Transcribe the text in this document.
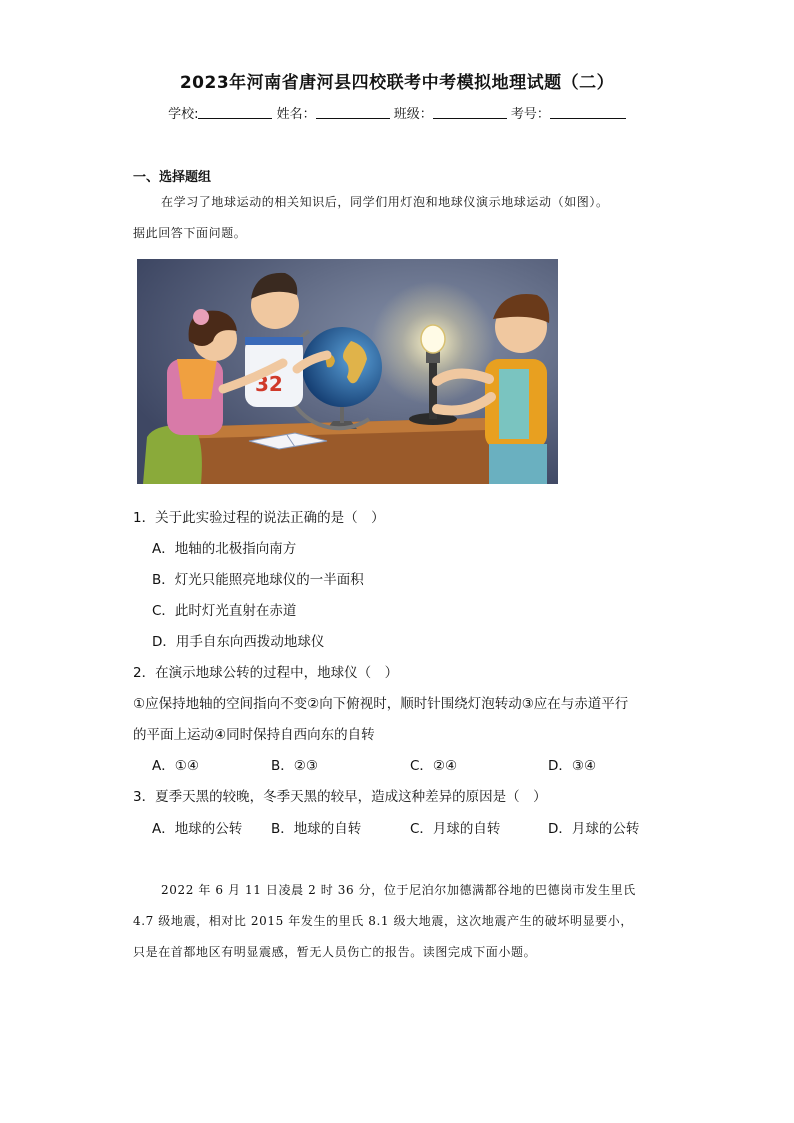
2023年河南省唐河县四校联考中考模拟地理试题（二）
学校:	姓名：	班级：	考号：
一、选择题组
在学习了地球运动的相关知识后，同学们用灯泡和地球仪演示地球运动（如图）。
据此回答下面问题。
32
1．关于此实验过程的说法正确的是（　）
A．地轴的北极指向南方
B．灯光只能照亮地球仪的一半面积
C．此时灯光直射在赤道
D．用手自东向西拨动地球仪
2．在演示地球公转的过程中，地球仪（　）
①应保持地轴的空间指向不变②向下俯视时，顺时针围绕灯泡转动③应在与赤道平行
的平面上运动④同时保持自西向东的自转
A．①④	B．②③	C．②④	D．③④
3．夏季天黑的较晚，冬季天黑的较早，造成这种差异的原因是（　）
A．地球的公转 B．地球的自转	C．月球的自转	D．月球的公转
2022 年 6 月 11 日凌晨 2 时 36 分，位于尼泊尔加德满都谷地的巴德岗市发生里氏
4.7 级地震，相对比 2015 年发生的里氏 8.1 级大地震，这次地震产生的破坏明显要小，
只是在首都地区有明显震感，暂无人员伤亡的报告。读图完成下面小题。
